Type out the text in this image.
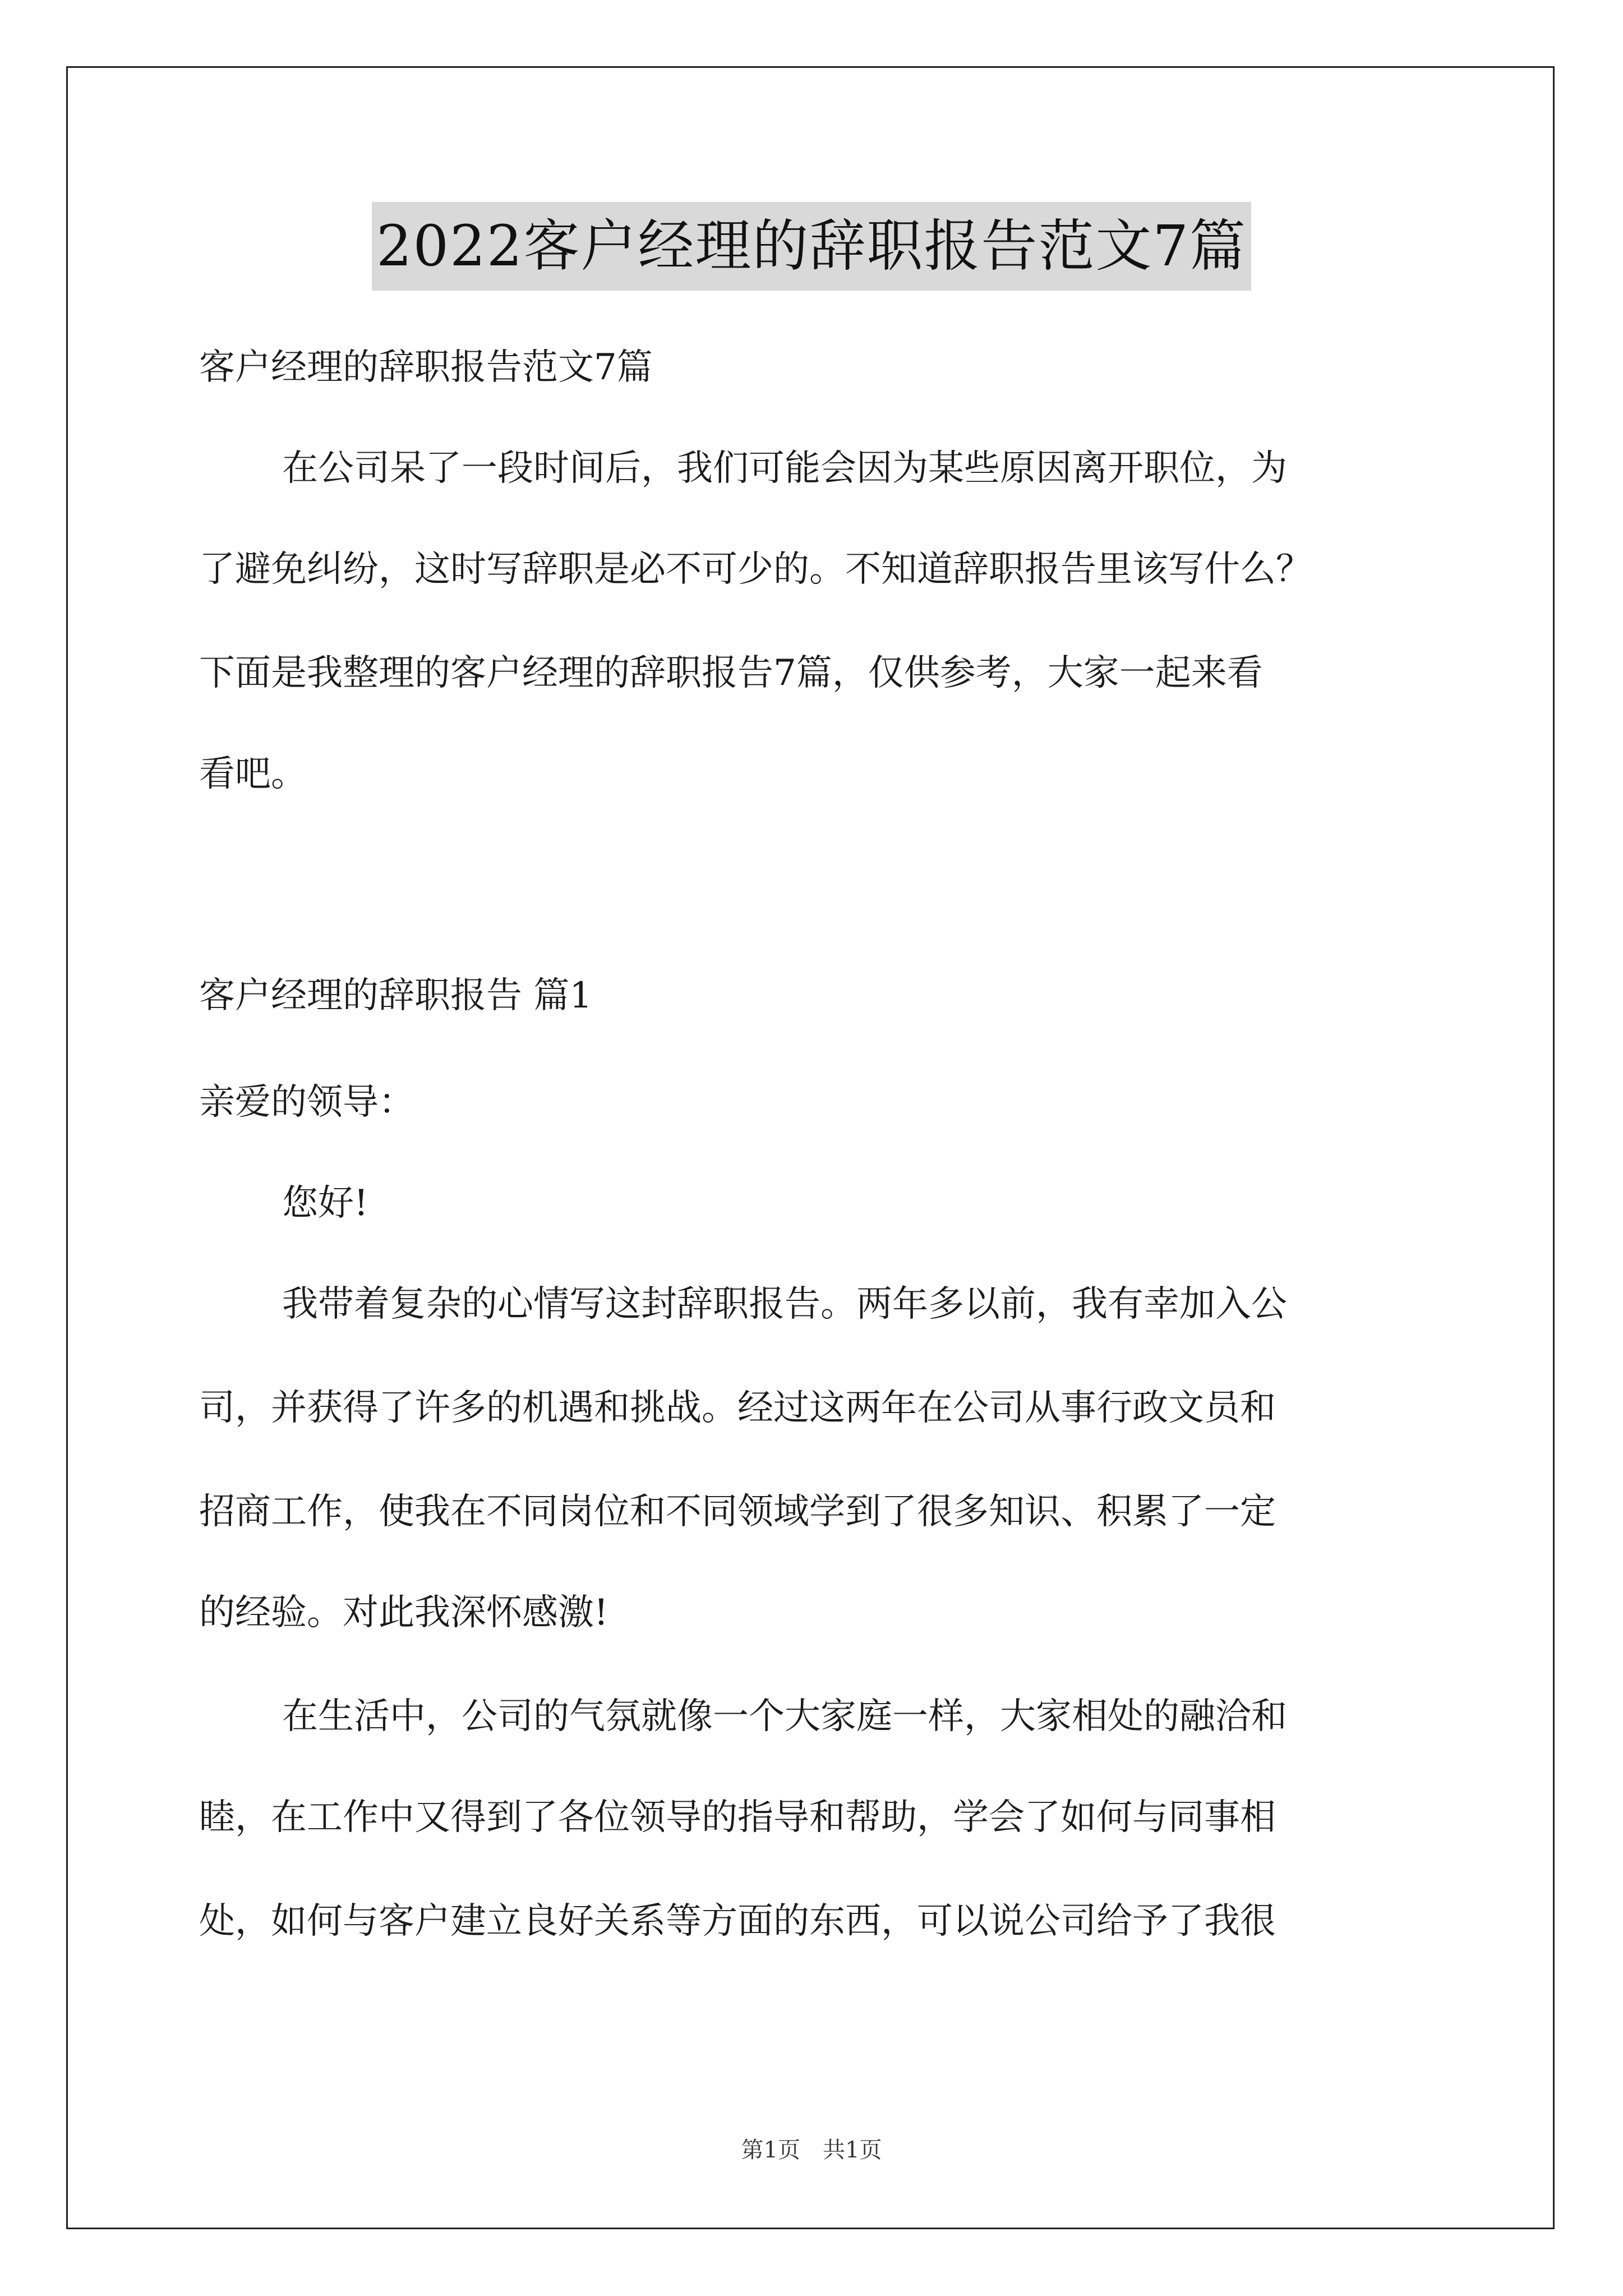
2022客户经理的辞职报告范文7篇
客户经理的辞职报告范文7篇
在公司呆了一段时间后，我们可能会因为某些原因离开职位，为
了避免纠纷，这时写辞职是必不可少的。不知道辞职报告里该写什么？
下面是我整理的客户经理的辞职报告7篇，仅供参考，大家一起来看
看吧。
客户经理的辞职报告 篇1
亲爱的领导：
您好!
我带着复杂的心情写这封辞职报告。两年多以前，我有幸加入公
司，并获得了许多的机遇和挑战。经过这两年在公司从事行政文员和
招商工作，使我在不同岗位和不同领域学到了很多知识、积累了一定
的经验。对此我深怀感激!
在生活中，公司的气氛就像一个大家庭一样，大家相处的融洽和
睦，在工作中又得到了各位领导的指导和帮助，学会了如何与同事相
处，如何与客户建立良好关系等方面的东西，可以说公司给予了我很
第1页　共1页
